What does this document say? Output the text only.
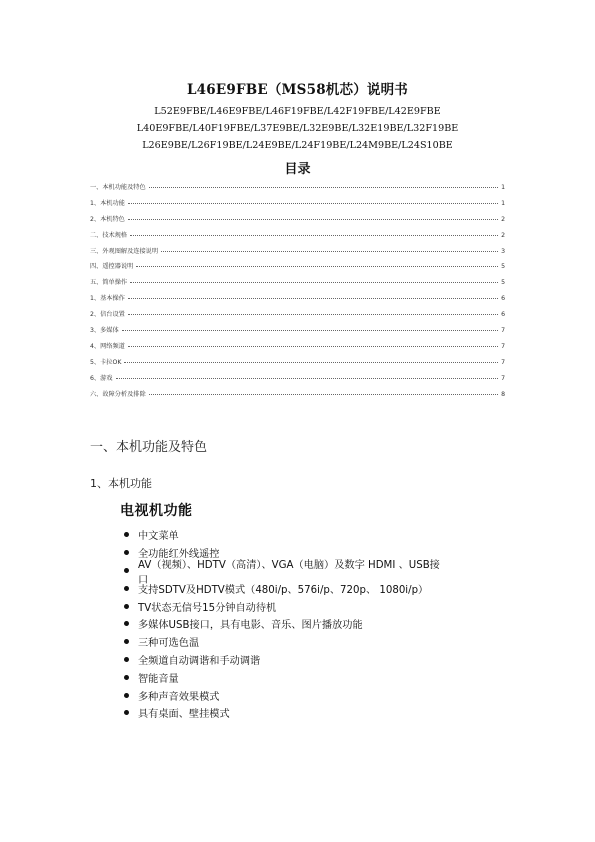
L46E9FBE（MS58机芯）说明书
L52E9FBE/L46E9FBE/L46F19FBE/L42F19FBE/L42E9FBE
L40E9FBE/L40F19FBE/L37E9BE/L32E9BE/L32E19BE/L32F19BE
L26E9BE/L26F19BE/L24E9BE/L24F19BE/L24M9BE/L24S10BE
目录
一、本机功能及特色	1
1、本机功能	1
2、本机特色	2
二、技术规格	2
三、外观图解及连接说明	3
四、遥控器说明	5
五、简单操作	5
1、基本操作	6
2、信台设置	6
3、多媒体	7
4、网络频道	7
5、卡拉OK	7
6、游戏	7
六、故障分析及排除	8
一、本机功能及特色
1、本机功能
电视机功能
中文菜单
全功能红外线遥控
AV（视频）、HDTV（高清）、VGA（电脑）及数字 HDMI 、USB接口
支持SDTV及HDTV模式（480i/p、576i/p、720p、 1080i/p）
TV状态无信号15分钟自动待机
多媒体USB接口，具有电影、音乐、图片播放功能
三种可选色温
全频道自动调谐和手动调谐
智能音量
多种声音效果模式
具有桌面、壁挂模式
